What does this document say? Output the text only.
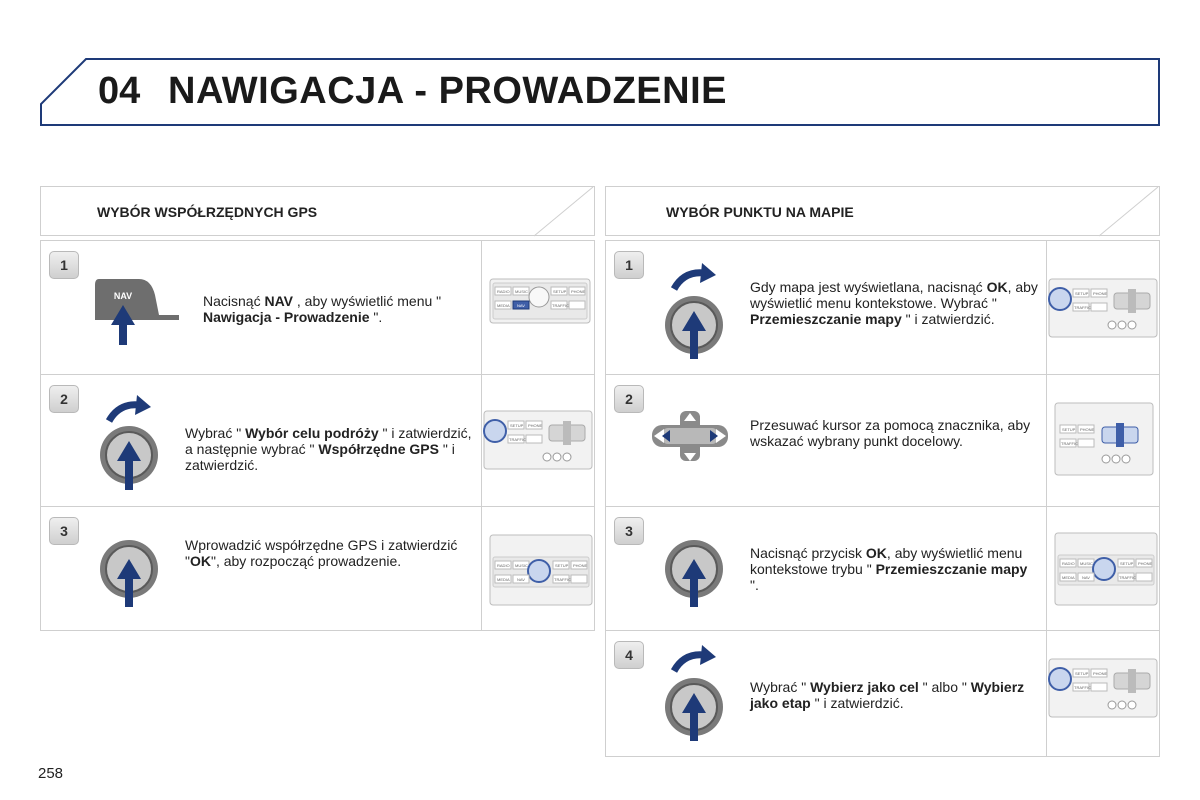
04 NAWIGACJA - PROWADZENIE
WYBÓR WSPÓŁRZĘDNYCH GPS
1
NAV	Nacisnąć NAV , aby wyświetlić menu " Nawigacja - Prowadzenie ".
RADIO MUSIC	SETUP PHONE
MEDIA NAV	TRAFFIC
2
Wybrać " Wybór celu podróży " i zatwierdzić, a następnie wybrać " Współrzędne GPS " i zatwierdzić.
SETUP PHONE
TRAFFIC
3
Wprowadzić współrzędne GPS i zatwierdzić "OK", aby rozpocząć prowadzenie.	RADIO MUSIC	SETUP PHONE
MEDIA NAV	TRAFFIC
WYBÓR PUNKTU NA MAPIE
1
Gdy mapa jest wyświetlana, nacisnąć OK, aby wyświetlić menu kontekstowe. Wybrać " Przemieszczanie mapy " i zatwierdzić.
SETUP PHONE
TRAFFIC
2
Przesuwać kursor za pomocą znacznika, aby wskazać wybrany punkt docelowy.
SETUP PHONE
TRAFFIC
3
Nacisnąć przycisk OK, aby wyświetlić menu kontekstowe trybu " Przemieszczanie mapy ".
RADIO MUSIC	SETUP PHONE
MEDIA NAV	TRAFFIC
4
Wybrać " Wybierz jako cel " albo " Wybierz jako etap " i zatwierdzić.
SETUP PHONE
TRAFFIC
258
